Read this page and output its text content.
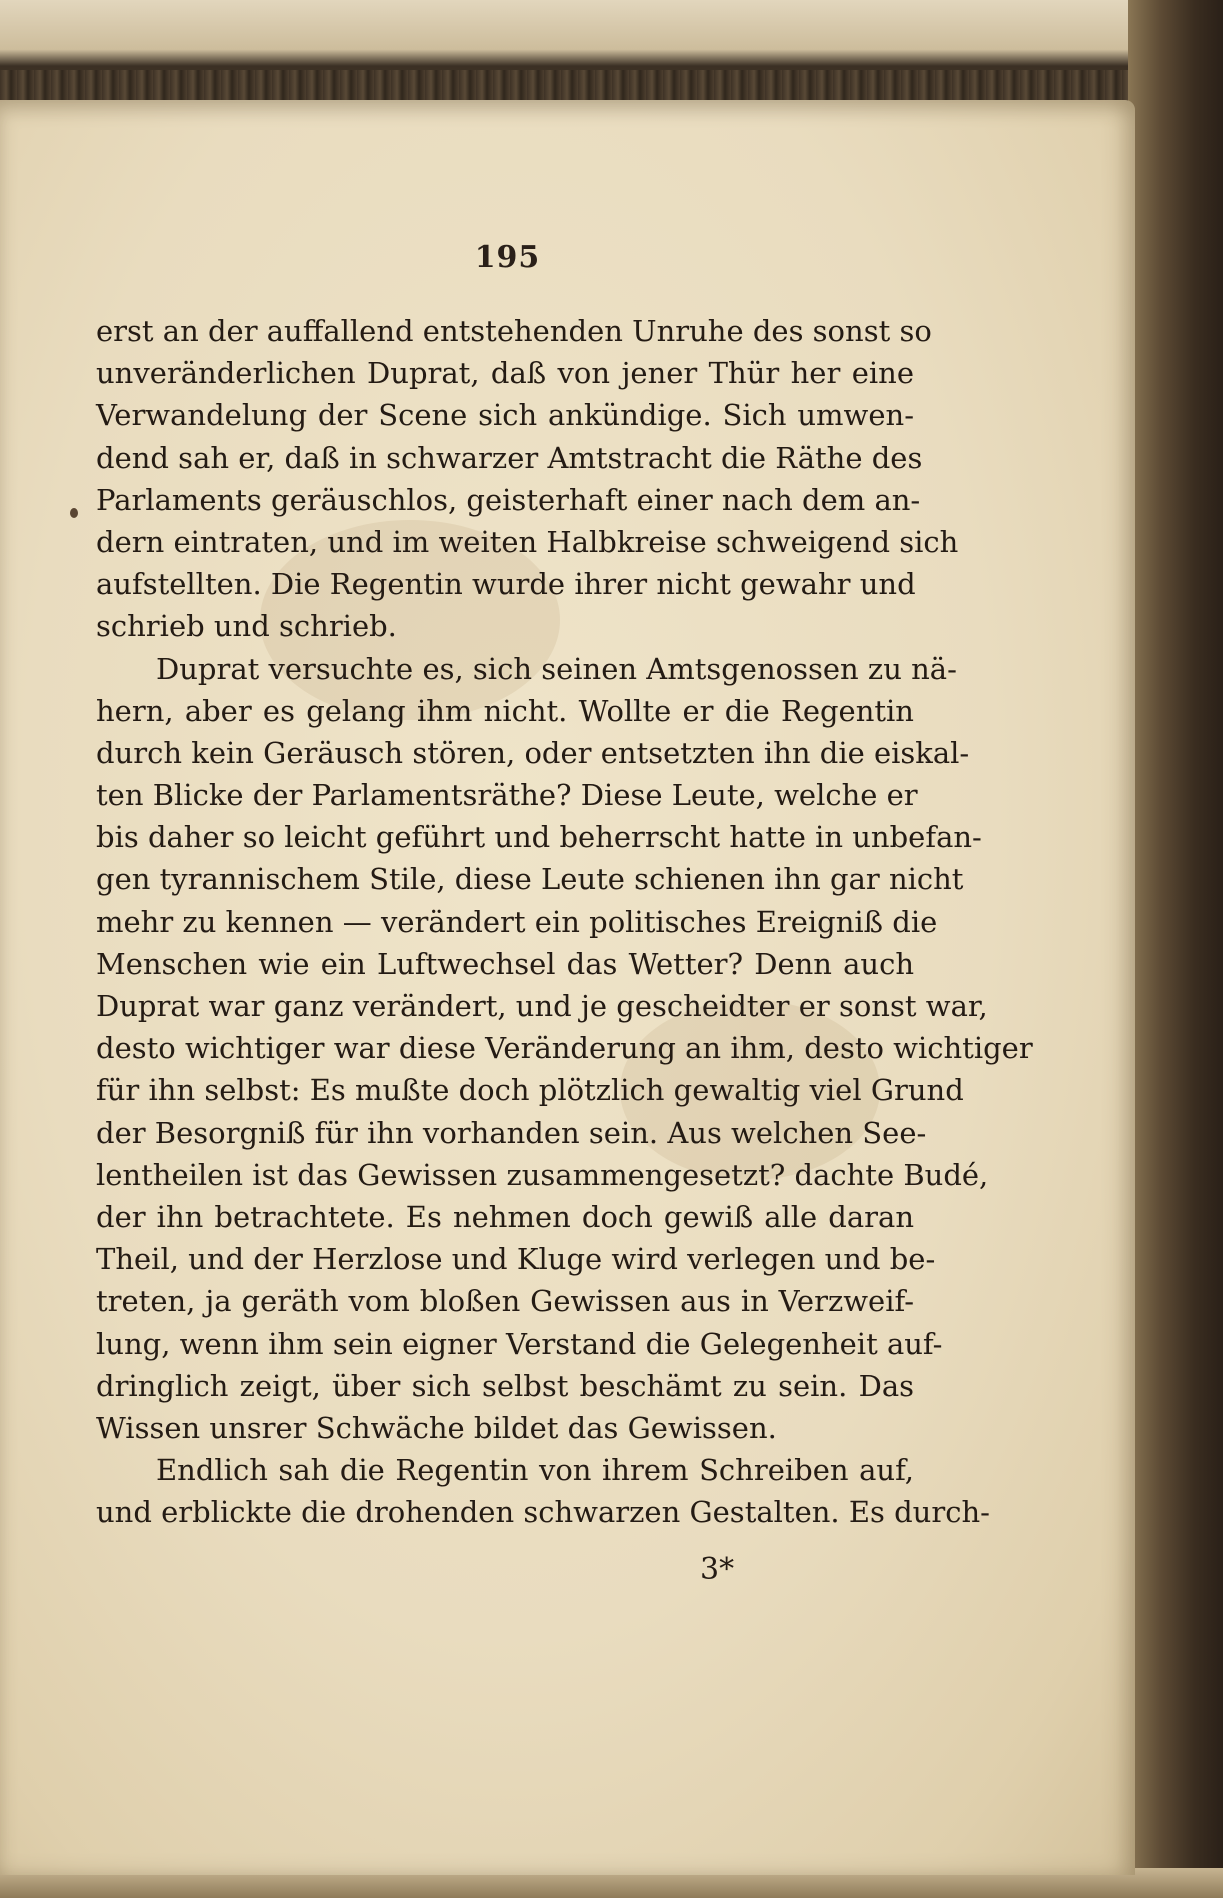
195
erst an der auffallend entstehenden Unruhe des sonst so
unveränderlichen Duprat, daß von jener Thür her eine
Verwandelung der Scene sich ankündige. Sich umwen-
dend sah er, daß in schwarzer Amtstracht die Räthe des
Parlaments geräuschlos, geisterhaft einer nach dem an-
dern eintraten, und im weiten Halbkreise schweigend sich
aufstellten. Die Regentin wurde ihrer nicht gewahr und
schrieb und schrieb.
Duprat versuchte es, sich seinen Amtsgenossen zu nä-
hern, aber es gelang ihm nicht. Wollte er die Regentin
durch kein Geräusch stören, oder entsetzten ihn die eiskal-
ten Blicke der Parlamentsräthe? Diese Leute, welche er
bis daher so leicht geführt und beherrscht hatte in unbefan-
gen tyrannischem Stile, diese Leute schienen ihn gar nicht
mehr zu kennen — verändert ein politisches Ereigniß die
Menschen wie ein Luftwechsel das Wetter? Denn auch
Duprat war ganz verändert, und je gescheidter er sonst war,
desto wichtiger war diese Veränderung an ihm, desto wichtiger
für ihn selbst: Es mußte doch plötzlich gewaltig viel Grund
der Besorgniß für ihn vorhanden sein. Aus welchen See-
lentheilen ist das Gewissen zusammengesetzt? dachte Budé,
der ihn betrachtete. Es nehmen doch gewiß alle daran
Theil, und der Herzlose und Kluge wird verlegen und be-
treten, ja geräth vom bloßen Gewissen aus in Verzweif-
lung, wenn ihm sein eigner Verstand die Gelegenheit auf-
dringlich zeigt, über sich selbst beschämt zu sein. Das
Wissen unsrer Schwäche bildet das Gewissen.
Endlich sah die Regentin von ihrem Schreiben auf,
und erblickte die drohenden schwarzen Gestalten. Es durch-
3*
